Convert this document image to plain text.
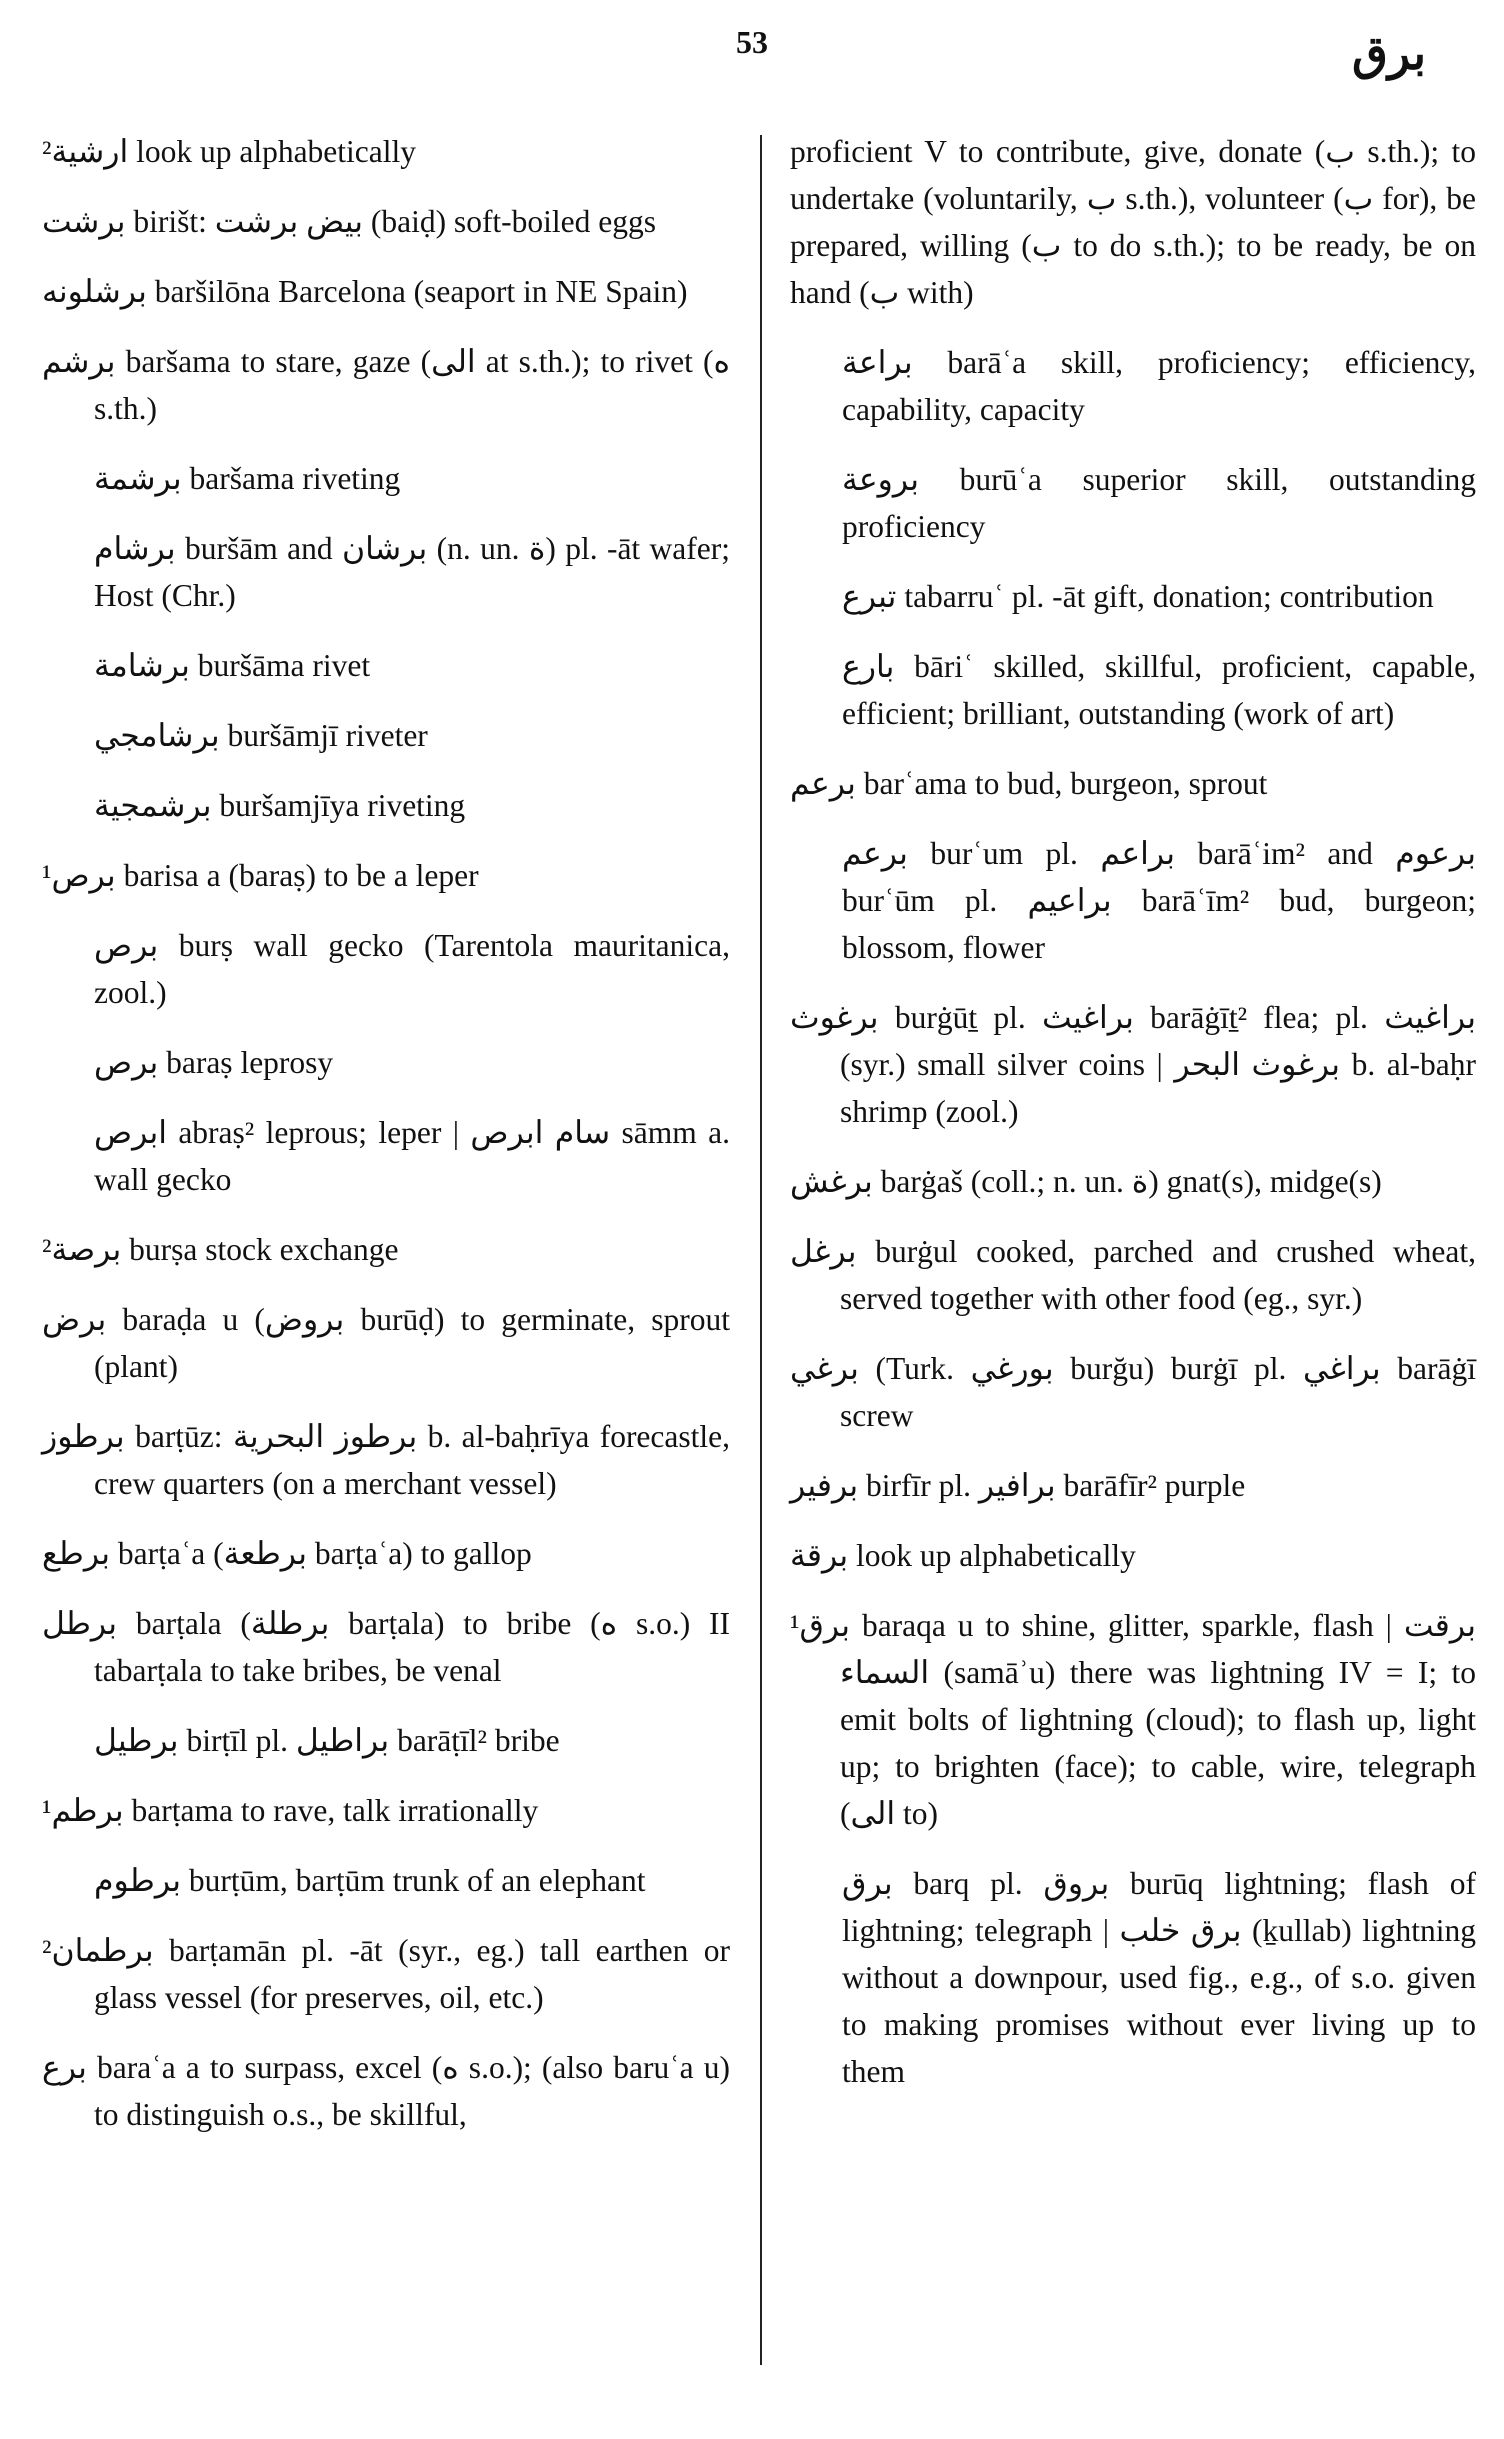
53	برق
²ارشية look up alphabetically
برشت birišt: بيض برشت (baiḍ) soft-boiled eggs
برشلونه baršilōna Barcelona (seaport in NE Spain)
برشم baršama to stare, gaze (الى at s.th.); to rivet (ه s.th.)
برشمة baršama riveting
برشام buršām and برشان (n. un. ة) pl. -āt wafer; Host (Chr.)
برشامة buršāma rivet
برشامجي buršāmjī riveter
برشمجية buršamjīya riveting
¹برص barisa a (baraṣ) to be a leper
برص burṣ wall gecko (Tarentola mauritanica, zool.)
برص baraṣ leprosy
ابرص abraṣ² leprous; leper | سام ابرص sāmm a. wall gecko
²برصة burṣa stock exchange
برض baraḍa u (بروض burūḍ) to germinate, sprout (plant)
برطوز barṭūz: برطوز البحرية b. al-baḥrīya forecastle, crew quarters (on a merchant vessel)
برطع barṭaʿa (برطعة barṭaʿa) to gallop
برطل barṭala (برطلة barṭala) to bribe (ه s.o.) II tabarṭala to take bribes, be venal
برطيل birṭīl pl. براطيل barāṭīl² bribe
¹برطم barṭama to rave, talk irrationally
برطوم burṭūm, barṭūm trunk of an elephant
²برطمان barṭamān pl. -āt (syr., eg.) tall earthen or glass vessel (for preserves, oil, etc.)
برع baraʿa a to surpass, excel (ه s.o.); (also baruʿa u) to distinguish o.s., be skillful,
proficient V to contribute, give, donate (ب s.th.); to undertake (voluntarily, ب s.th.), volunteer (ب for), be prepared, willing (ب to do s.th.); to be ready, be on hand (ب with)
براعة barāʿa skill, proficiency; efficiency, capability, capacity
بروعة burūʿa superior skill, outstanding proficiency
تبرع tabarruʿ pl. -āt gift, donation; contribution
بارع bāriʿ skilled, skillful, proficient, capable, efficient; brilliant, outstanding (work of art)
برعم barʿama to bud, burgeon, sprout
برعم burʿum pl. براعم barāʿim² and برعوم burʿūm pl. براعيم barāʿīm² bud, burgeon; blossom, flower
برغوث burġūṯ pl. براغيث barāġīṯ² flea; pl. براغيث (syr.) small silver coins | برغوث البحر b. al-baḥr shrimp (zool.)
برغش barġaš (coll.; n. un. ة) gnat(s), midge(s)
برغل burġul cooked, parched and crushed wheat, served together with other food (eg., syr.)
برغي (Turk. بورغي burğu) burġī pl. براغي barāġī screw
برفير birfīr pl. برافير barāfīr² purple
برقة look up alphabetically
¹برق baraqa u to shine, glitter, sparkle, flash | برقت السماء (samāʾu) there was lightning IV = I; to emit bolts of lightning (cloud); to flash up, light up; to brighten (face); to cable, wire, telegraph (الى to)
برق barq pl. بروق burūq lightning; flash of lightning; telegraph | برق خلب (ḵullab) lightning without a downpour, used fig., e.g., of s.o. given to making promises without ever living up to them
